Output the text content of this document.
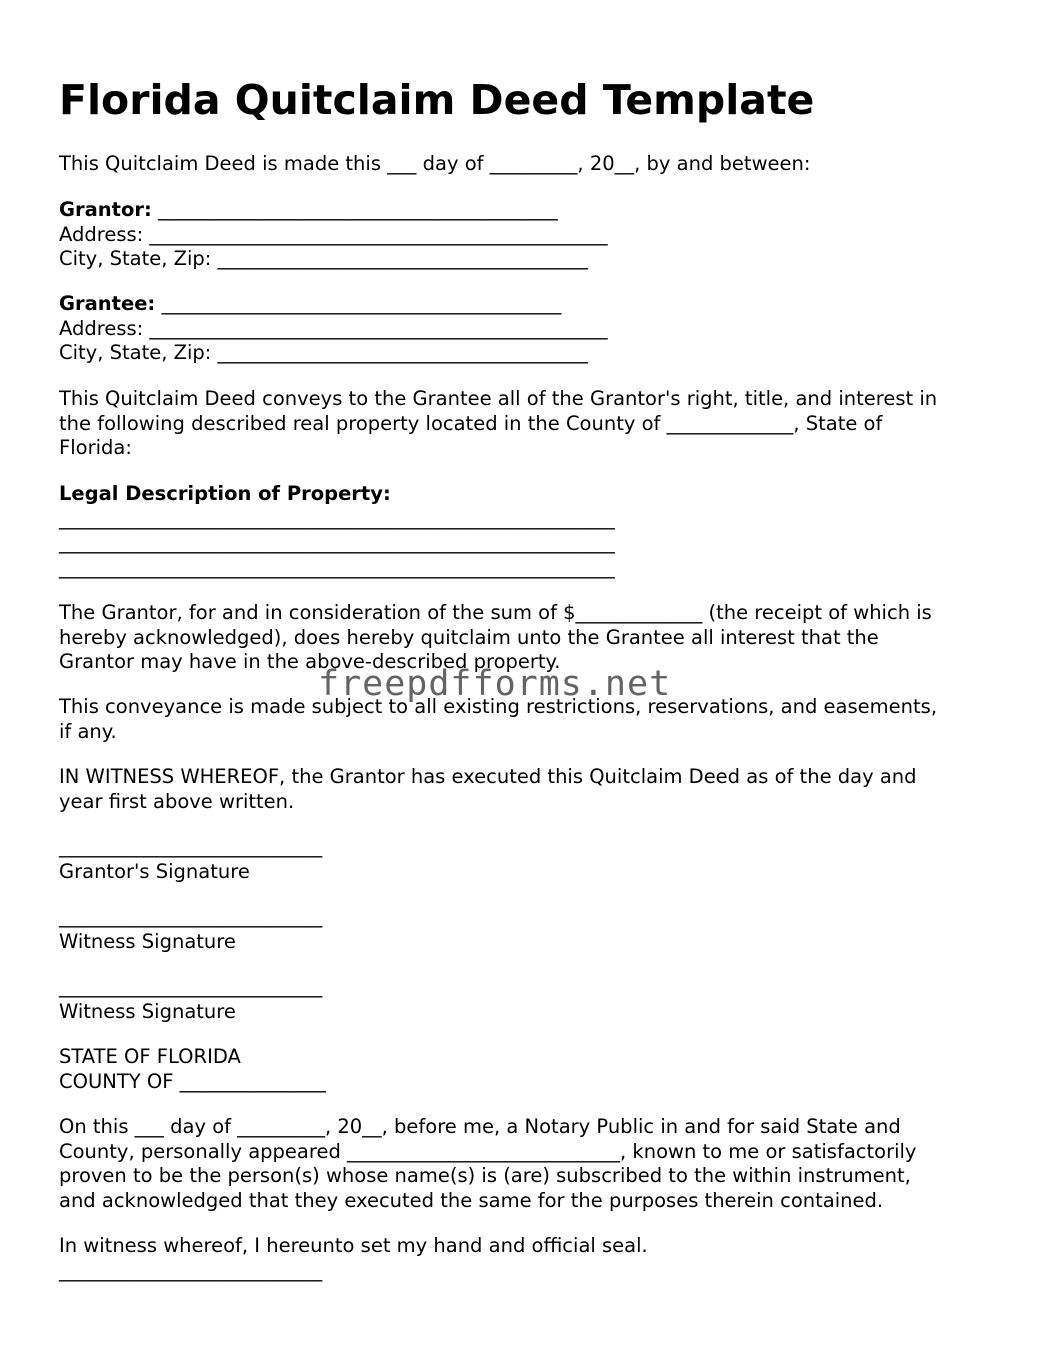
Florida Quitclaim Deed Template

This Quitclaim Deed is made this ___ day of _________, 20__, by and between:

Grantor: _________________________________________
Address: _______________________________________________
City, State, Zip: ______________________________________

Grantee: _________________________________________
Address: _______________________________________________
City, State, Zip: ______________________________________

This Quitclaim Deed conveys to the Grantee all of the Grantor's right, title, and interest in
the following described real property located in the County of _____________, State of
Florida:

Legal Description of Property:
_________________________________________________________
_________________________________________________________
_________________________________________________________

The Grantor, for and in consideration of the sum of $_____________ (the receipt of which is
hereby acknowledged), does hereby quitclaim unto the Grantee all interest that the
Grantor may have in the above-described property.

This conveyance is made subject to all existing restrictions, reservations, and easements,
if any.

IN WITNESS WHEREOF, the Grantor has executed this Quitclaim Deed as of the day and
year first above written.

___________________________
Grantor's Signature

___________________________
Witness Signature

___________________________
Witness Signature

STATE OF FLORIDA
COUNTY OF _______________

On this ___ day of _________, 20__, before me, a Notary Public in and for said State and
County, personally appeared ____________________________, known to me or satisfactorily
proven to be the person(s) whose name(s) is (are) subscribed to the within instrument,
and acknowledged that they executed the same for the purposes therein contained.

In witness whereof, I hereunto set my hand and official seal.
___________________________

freepdfforms.net
